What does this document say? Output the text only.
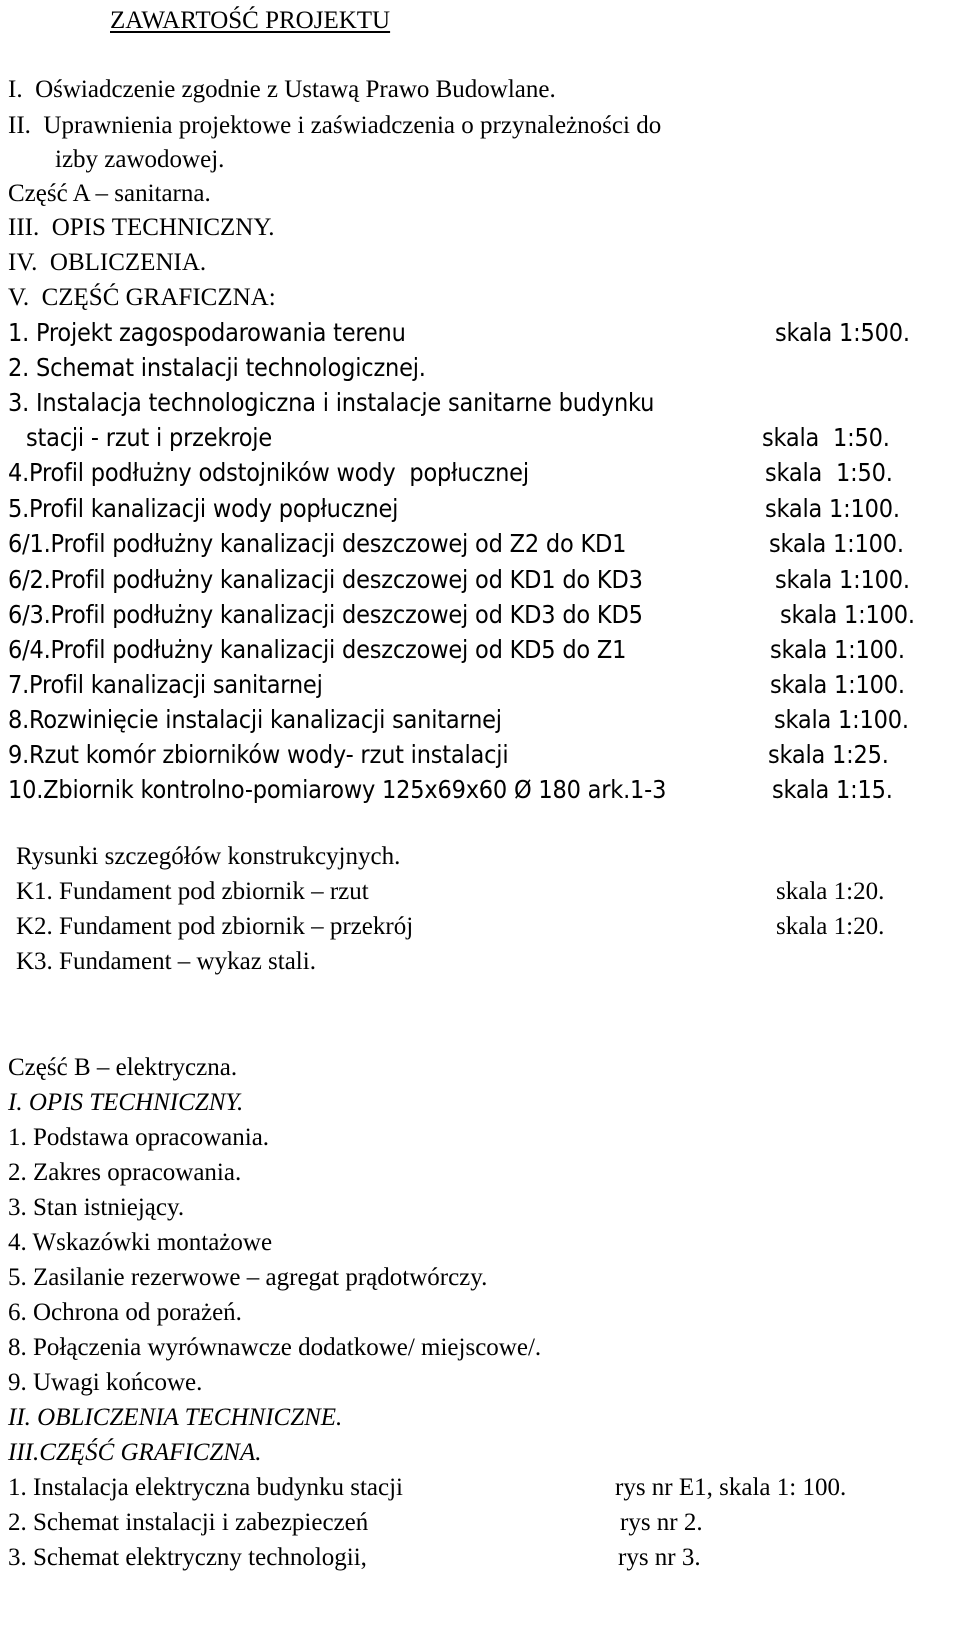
ZAWARTOŚĆ PROJEKTU
I.  Oświadczenie zgodnie z Ustawą Prawo Budowlane.
II.  Uprawnienia projektowe i zaświadczenia o przynależności do
izby zawodowej.
Część A – sanitarna.
III.  OPIS TECHNICZNY.
IV.  OBLICZENIA.
V.  CZĘŚĆ GRAFICZNA:
1. Projekt zagospodarowania terenu	skala 1:500.
2. Schemat instalacji technologicznej.
3. Instalacja technologiczna i instalacje sanitarne budynku
stacji - rzut i przekroje	skala  1:50.
4.Profil podłużny odstojników wody  popłucznej	skala  1:50.
5.Profil kanalizacji wody popłucznej	skala 1:100.
6/1.Profil podłużny kanalizacji deszczowej od Z2 do KD1	skala 1:100.
6/2.Profil podłużny kanalizacji deszczowej od KD1 do KD3	skala 1:100.
6/3.Profil podłużny kanalizacji deszczowej od KD3 do KD5	skala 1:100.
6/4.Profil podłużny kanalizacji deszczowej od KD5 do Z1	skala 1:100.
7.Profil kanalizacji sanitarnej	skala 1:100.
8.Rozwinięcie instalacji kanalizacji sanitarnej	skala 1:100.
9.Rzut komór zbiorników wody- rzut instalacji	skala 1:25.
10.Zbiornik kontrolno-pomiarowy 125x69x60 Ø 180 ark.1-3	skala 1:15.
Rysunki szczegółów konstrukcyjnych.
K1. Fundament pod zbiornik – rzut	skala 1:20.
K2. Fundament pod zbiornik – przekrój	skala 1:20.
K3. Fundament – wykaz stali.
Część B – elektryczna.
I. OPIS TECHNICZNY.
1. Podstawa opracowania.
2. Zakres opracowania.
3. Stan istniejący.
4. Wskazówki montażowe
5. Zasilanie rezerwowe – agregat prądotwórczy.
6. Ochrona od porażeń.
8. Połączenia wyrównawcze dodatkowe/ miejscowe/.
9. Uwagi końcowe.
II. OBLICZENIA TECHNICZNE.
III.CZĘŚĆ GRAFICZNA.
1. Instalacja elektryczna budynku stacji	rys nr E1, skala 1: 100.
2. Schemat instalacji i zabezpieczeń	rys nr 2.
3. Schemat elektryczny technologii,	rys nr 3.
